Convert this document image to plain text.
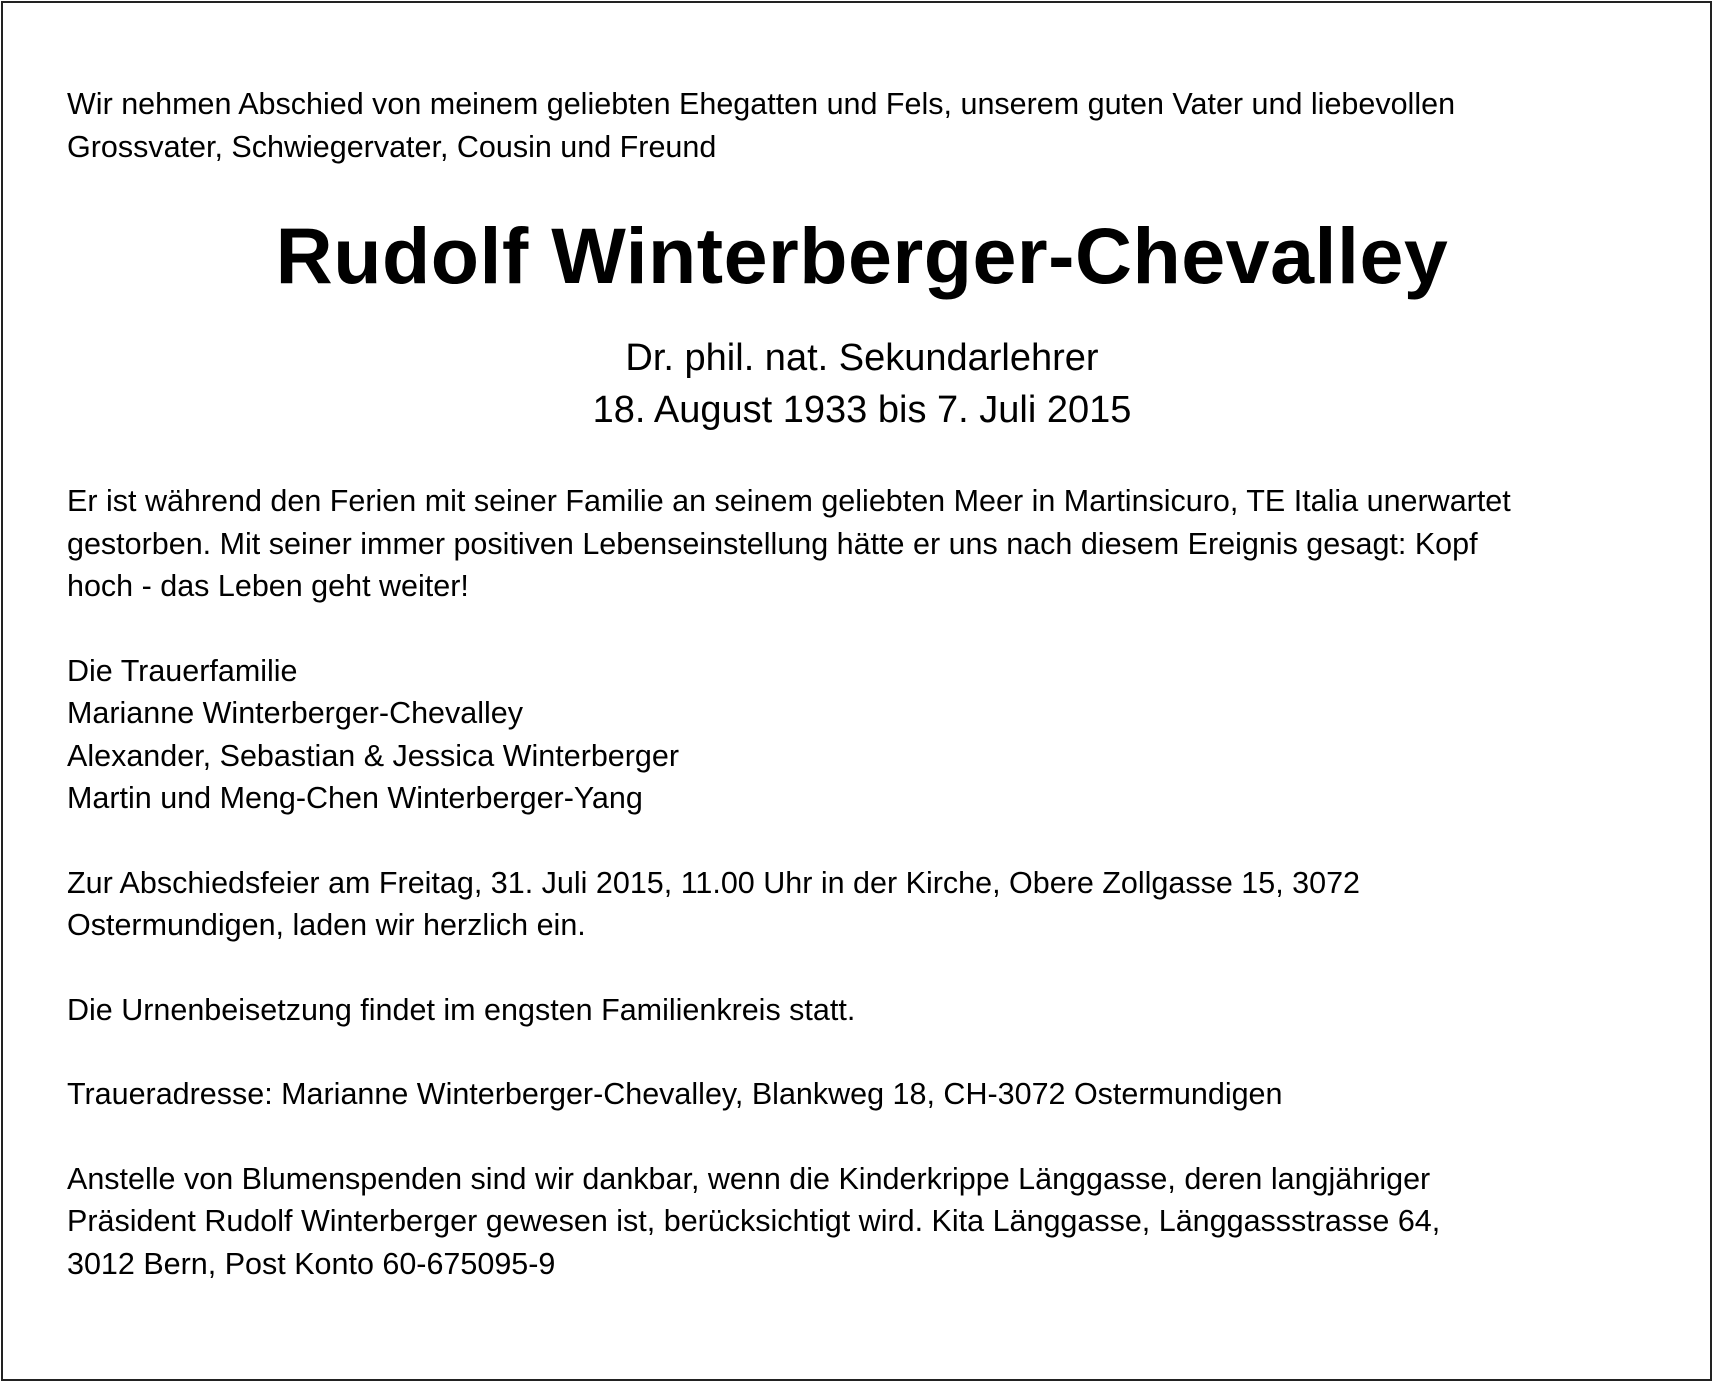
Wir nehmen Abschied von meinem geliebten Ehegatten und Fels, unserem guten Vater und liebevollen
Grossvater, Schwiegervater, Cousin und Freund

Rudolf Winterberger-Chevalley
Dr. phil. nat. Sekundarlehrer
18. August 1933 bis 7. Juli 2015

Er ist während den Ferien mit seiner Familie an seinem geliebten Meer in Martinsicuro, TE Italia unerwartet
gestorben. Mit seiner immer positiven Lebenseinstellung hätte er uns nach diesem Ereignis gesagt: Kopf
hoch - das Leben geht weiter!

Die Trauerfamilie
Marianne Winterberger-Chevalley
Alexander, Sebastian & Jessica Winterberger
Martin und Meng-Chen Winterberger-Yang

Zur Abschiedsfeier am Freitag, 31. Juli 2015, 11.00 Uhr in der Kirche, Obere Zollgasse 15, 3072
Ostermundigen, laden wir herzlich ein.

Die Urnenbeisetzung findet im engsten Familienkreis statt.

Traueradresse: Marianne Winterberger-Chevalley, Blankweg 18, CH-3072 Ostermundigen

Anstelle von Blumenspenden sind wir dankbar, wenn die Kinderkrippe Länggasse, deren langjähriger
Präsident Rudolf Winterberger gewesen ist, berücksichtigt wird. Kita Länggasse, Länggassstrasse 64,
3012 Bern, Post Konto 60-675095-9
